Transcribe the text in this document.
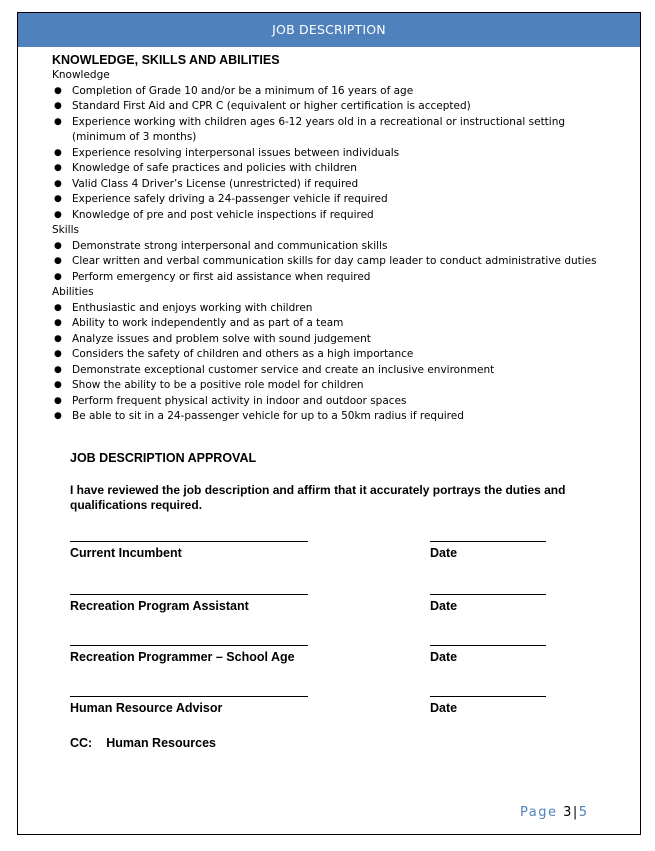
JOB DESCRIPTION

KNOWLEDGE, SKILLS AND ABILITIES

Knowledge

● Completion of Grade 10 and/or be a minimum of 16 years of age
● Standard First Aid and CPR C (equivalent or higher certification is accepted)
● Experience working with children ages 6-12 years old in a recreational or instructional setting (minimum of 3 months)
● Experience resolving interpersonal issues between individuals
● Knowledge of safe practices and policies with children
● Valid Class 4 Driver’s License (unrestricted) if required
● Experience safely driving a 24-passenger vehicle if required
● Knowledge of pre and post vehicle inspections if required

Skills

● Demonstrate strong interpersonal and communication skills
● Clear written and verbal communication skills for day camp leader to conduct administrative duties
● Perform emergency or first aid assistance when required

Abilities

● Enthusiastic and enjoys working with children
● Ability to work independently and as part of a team
● Analyze issues and problem solve with sound judgement
● Considers the safety of children and others as a high importance
● Demonstrate exceptional customer service and create an inclusive environment
● Show the ability to be a positive role model for children
● Perform frequent physical activity in indoor and outdoor spaces
● Be able to sit in a 24-passenger vehicle for up to a 50km radius if required
JOB DESCRIPTION APPROVAL
I have reviewed the job description and affirm that it accurately portrays the duties and qualifications required.
Current Incumbent	Date
Recreation Program Assistant	Date
Recreation Programmer – School Age	Date
Human Resource Advisor	Date
CC: Human Resources
Page 3|5
